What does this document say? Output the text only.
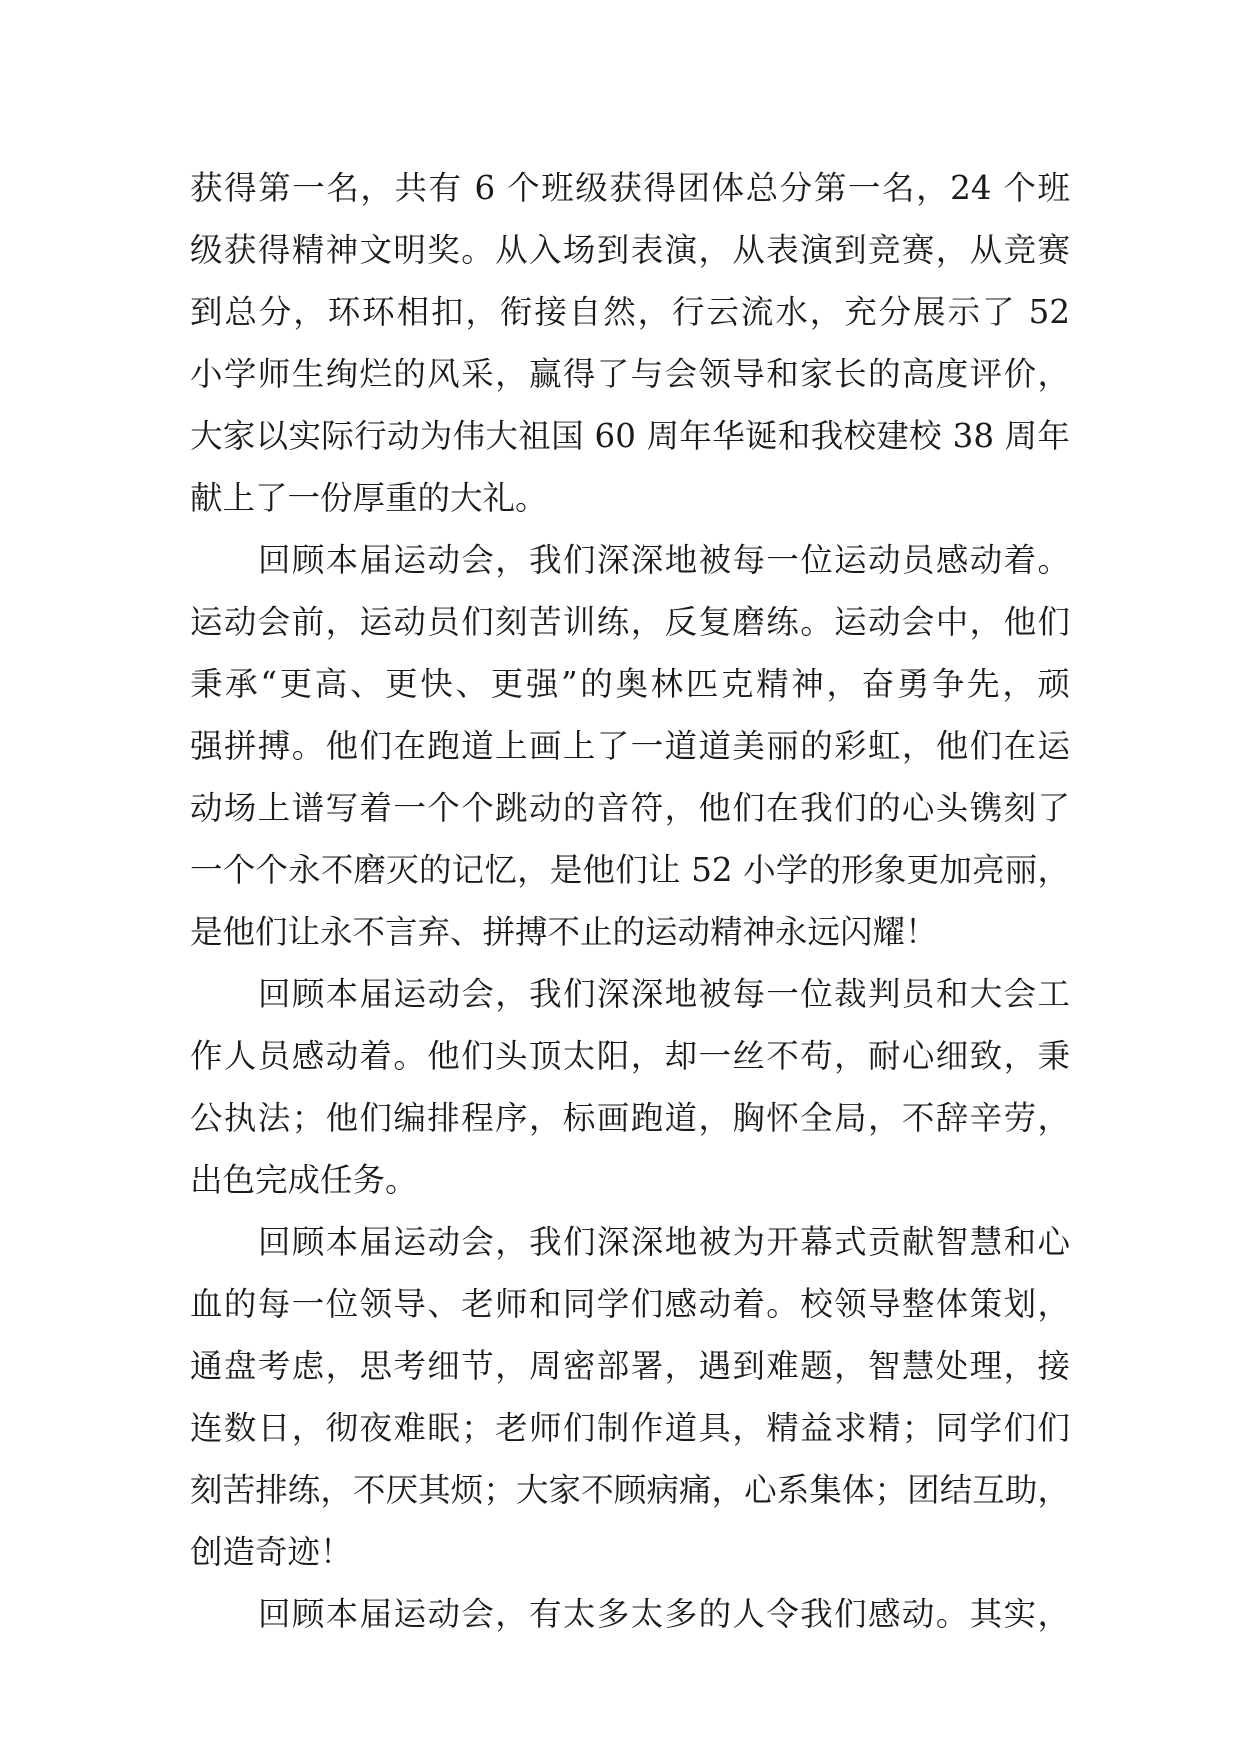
获得第一名，共有 6 个班级获得团体总分第一名，24 个班
级获得精神文明奖。从入场到表演，从表演到竞赛，从竞赛
到总分，环环相扣，衔接自然，行云流水，充分展示了 52
小学师生绚烂的风采，赢得了与会领导和家长的高度评价，
大家以实际行动为伟大祖国 60 周年华诞和我校建校 38 周年
献上了一份厚重的大礼。
回顾本届运动会，我们深深地被每一位运动员感动着。
运动会前，运动员们刻苦训练，反复磨练。运动会中，他们
秉承“更高、更快、更强”的奥林匹克精神，奋勇争先，顽
强拼搏。他们在跑道上画上了一道道美丽的彩虹，他们在运
动场上谱写着一个个跳动的音符，他们在我们的心头镌刻了
一个个永不磨灭的记忆，是他们让 52 小学的形象更加亮丽，
是他们让永不言弃、拼搏不止的运动精神永远闪耀！
回顾本届运动会，我们深深地被每一位裁判员和大会工
作人员感动着。他们头顶太阳，却一丝不苟，耐心细致，秉
公执法；他们编排程序，标画跑道，胸怀全局，不辞辛劳，
出色完成任务。
回顾本届运动会，我们深深地被为开幕式贡献智慧和心
血的每一位领导、老师和同学们感动着。校领导整体策划，
通盘考虑，思考细节，周密部署，遇到难题，智慧处理，接
连数日，彻夜难眠；老师们制作道具，精益求精；同学们们
刻苦排练，不厌其烦；大家不顾病痛，心系集体；团结互助，
创造奇迹！
回顾本届运动会，有太多太多的人令我们感动。其实，
